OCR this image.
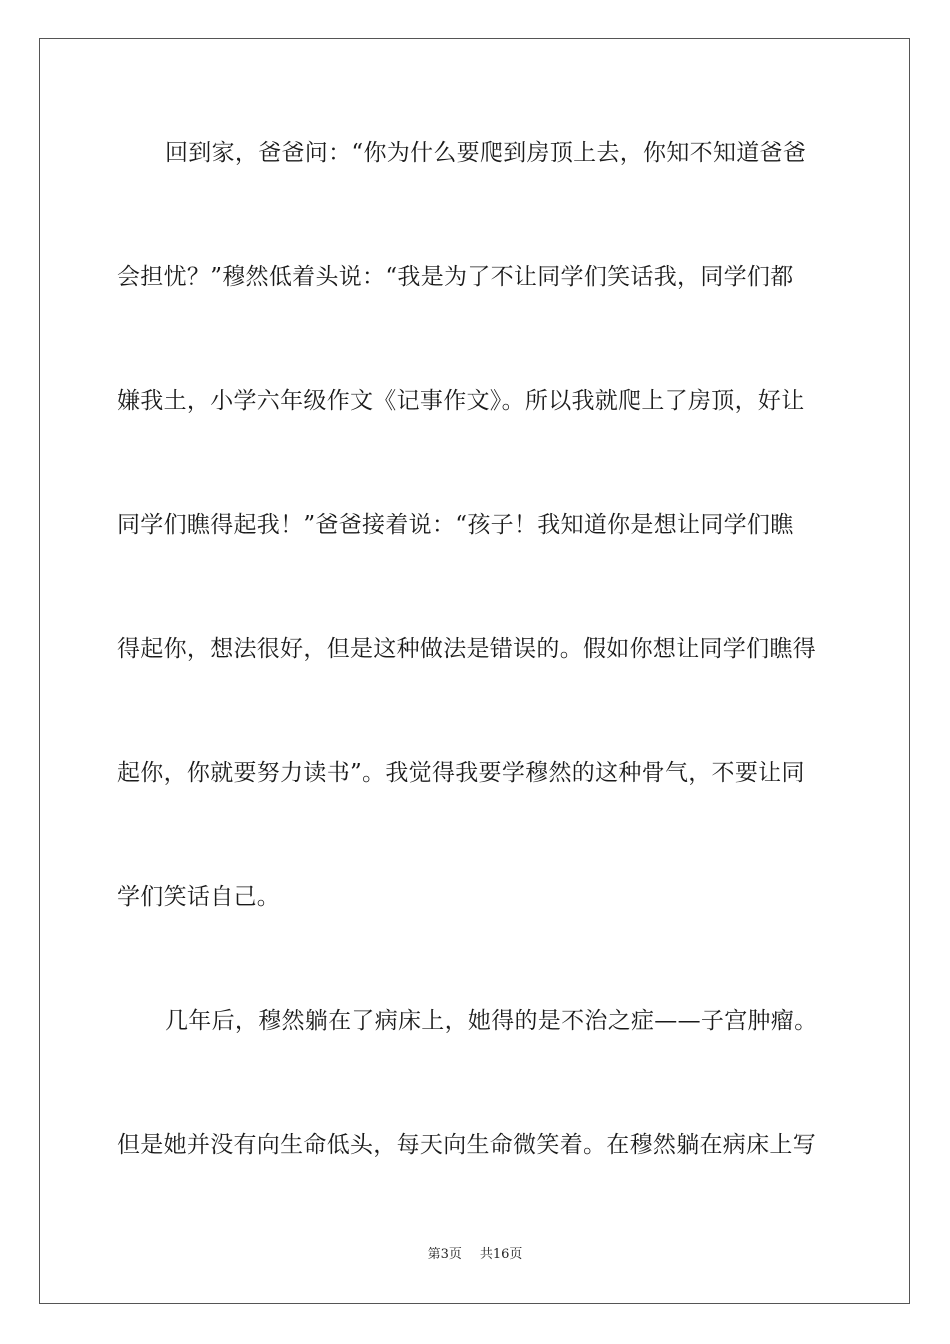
回到家，爸爸问：“你为什么要爬到房顶上去，你知不知道爸爸
会担忧？”穆然低着头说：“我是为了不让同学们笑话我，同学们都
嫌我土，小学六年级作文《记事作文》。所以我就爬上了房顶，好让
同学们瞧得起我！”爸爸接着说：“孩子！我知道你是想让同学们瞧
得起你，想法很好，但是这种做法是错误的。假如你想让同学们瞧得
起你，你就要努力读书”。我觉得我要学穆然的这种骨气，不要让同
学们笑话自己。
几年后，穆然躺在了病床上，她得的是不治之症——子宫肿瘤。
但是她并没有向生命低头，每天向生命微笑着。在穆然躺在病床上写
第3页 共16页
